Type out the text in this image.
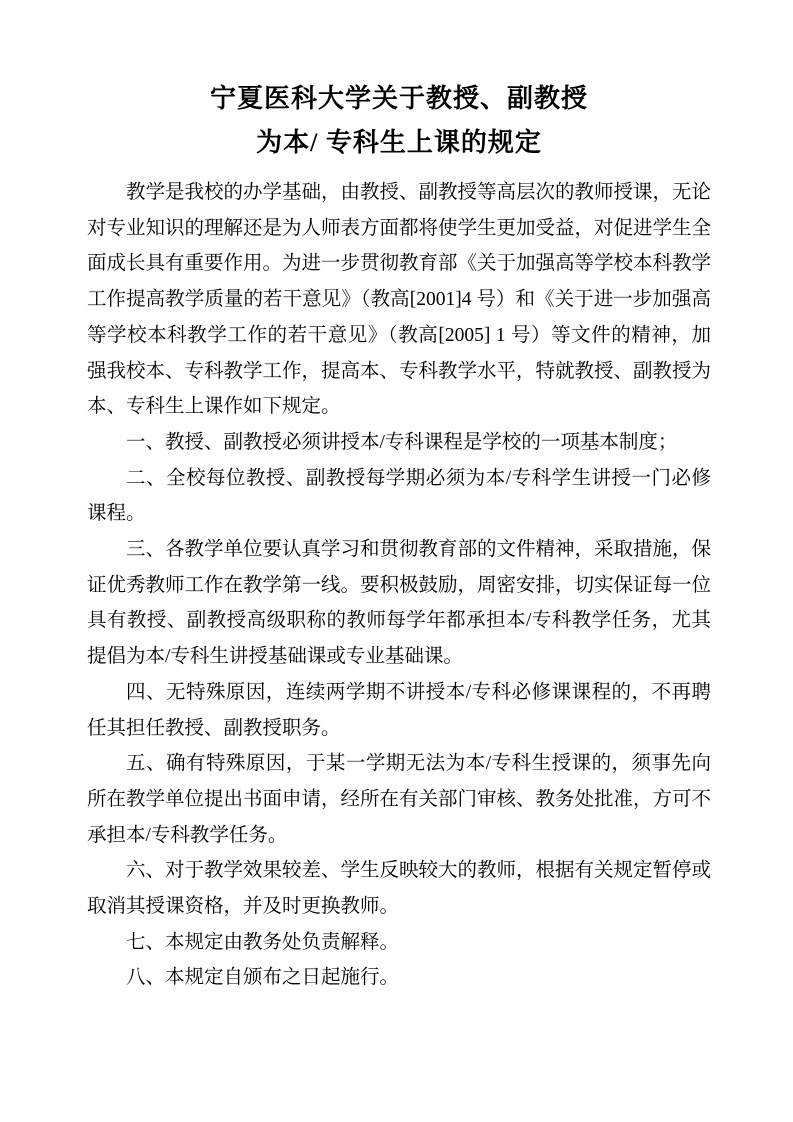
宁夏医科大学关于教授、副教授
为本/ 专科生上课的规定

教学是我校的办学基础，由教授、副教授等高层次的教师授课，无论对专业知识的理解还是为人师表方面都将使学生更加受益，对促进学生全面成长具有重要作用。为进一步贯彻教育部《关于加强高等学校本科教学工作提高教学质量的若干意见》（教高[2001]4 号）和《关于进一步加强高等学校本科教学工作的若干意见》（教高[2005] 1 号）等文件的精神，加强我校本、专科教学工作，提高本、专科教学水平，特就教授、副教授为本、专科生上课作如下规定。

一、教授、副教授必须讲授本/专科课程是学校的一项基本制度；

二、全校每位教授、副教授每学期必须为本/专科学生讲授一门必修课程。

三、各教学单位要认真学习和贯彻教育部的文件精神，采取措施，保证优秀教师工作在教学第一线。要积极鼓励，周密安排，切实保证每一位具有教授、副教授高级职称的教师每学年都承担本/专科教学任务，尤其提倡为本/专科生讲授基础课或专业基础课。

四、无特殊原因，连续两学期不讲授本/专科必修课课程的，不再聘任其担任教授、副教授职务。

五、确有特殊原因，于某一学期无法为本/专科生授课的，须事先向所在教学单位提出书面申请，经所在有关部门审核、教务处批准，方可不承担本/专科教学任务。

六、对于教学效果较差、学生反映较大的教师，根据有关规定暂停或取消其授课资格，并及时更换教师。

七、本规定由教务处负责解释。

八、本规定自颁布之日起施行。
